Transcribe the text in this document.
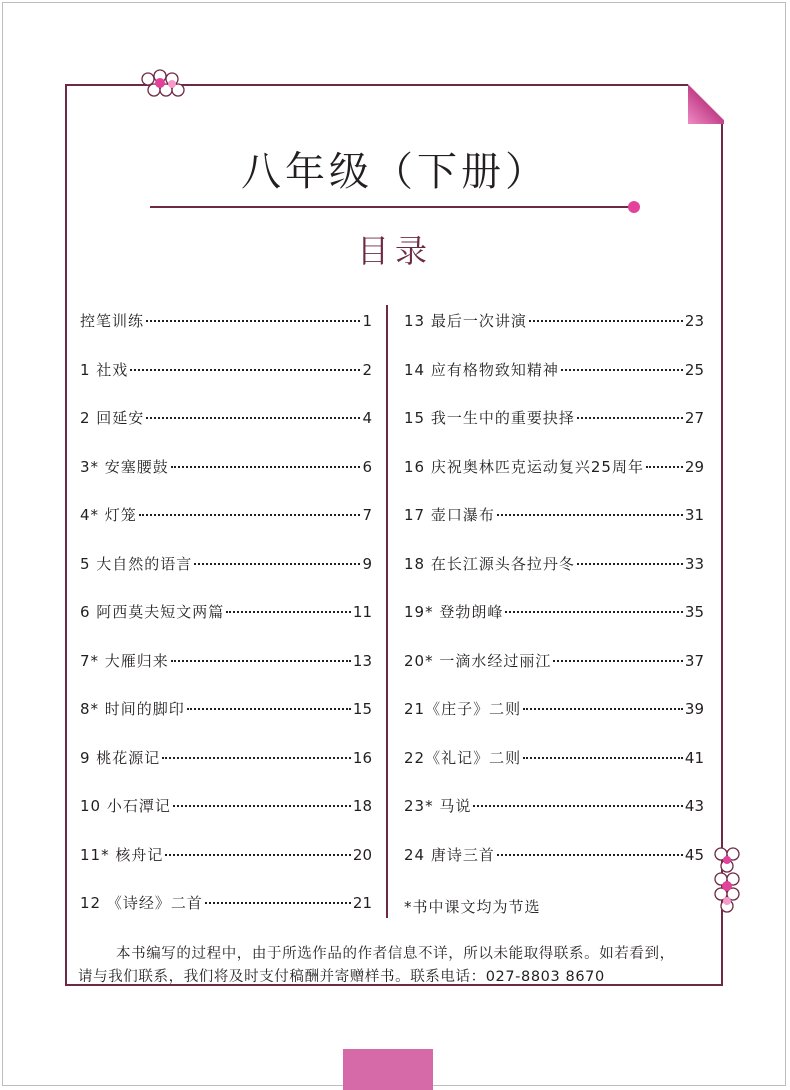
八年级（下册）
目录
控笔训练	1
1 社戏	2
2 回延安	4
3* 安塞腰鼓	6
4* 灯笼	7
5 大自然的语言	9
6 阿西莫夫短文两篇	11
7* 大雁归来	13
8* 时间的脚印	15
9 桃花源记	16
10 小石潭记	18
11* 核舟记	20
12 《诗经》二首	21
13 最后一次讲演	23
14 应有格物致知精神	25
15 我一生中的重要抉择	27
16 庆祝奥林匹克运动复兴25周年	29
17 壶口瀑布	31
18 在长江源头各拉丹冬	33
19* 登勃朗峰	35
20* 一滴水经过丽江	37
21《庄子》二则	39
22《礼记》二则	41
23* 马说	43
24 唐诗三首	45
*书中课文均为节选
本书编写的过程中，由于所选作品的作者信息不详，所以未能取得联系。如若看到，
请与我们联系，我们将及时支付稿酬并寄赠样书。联系电话：027-8803 8670
